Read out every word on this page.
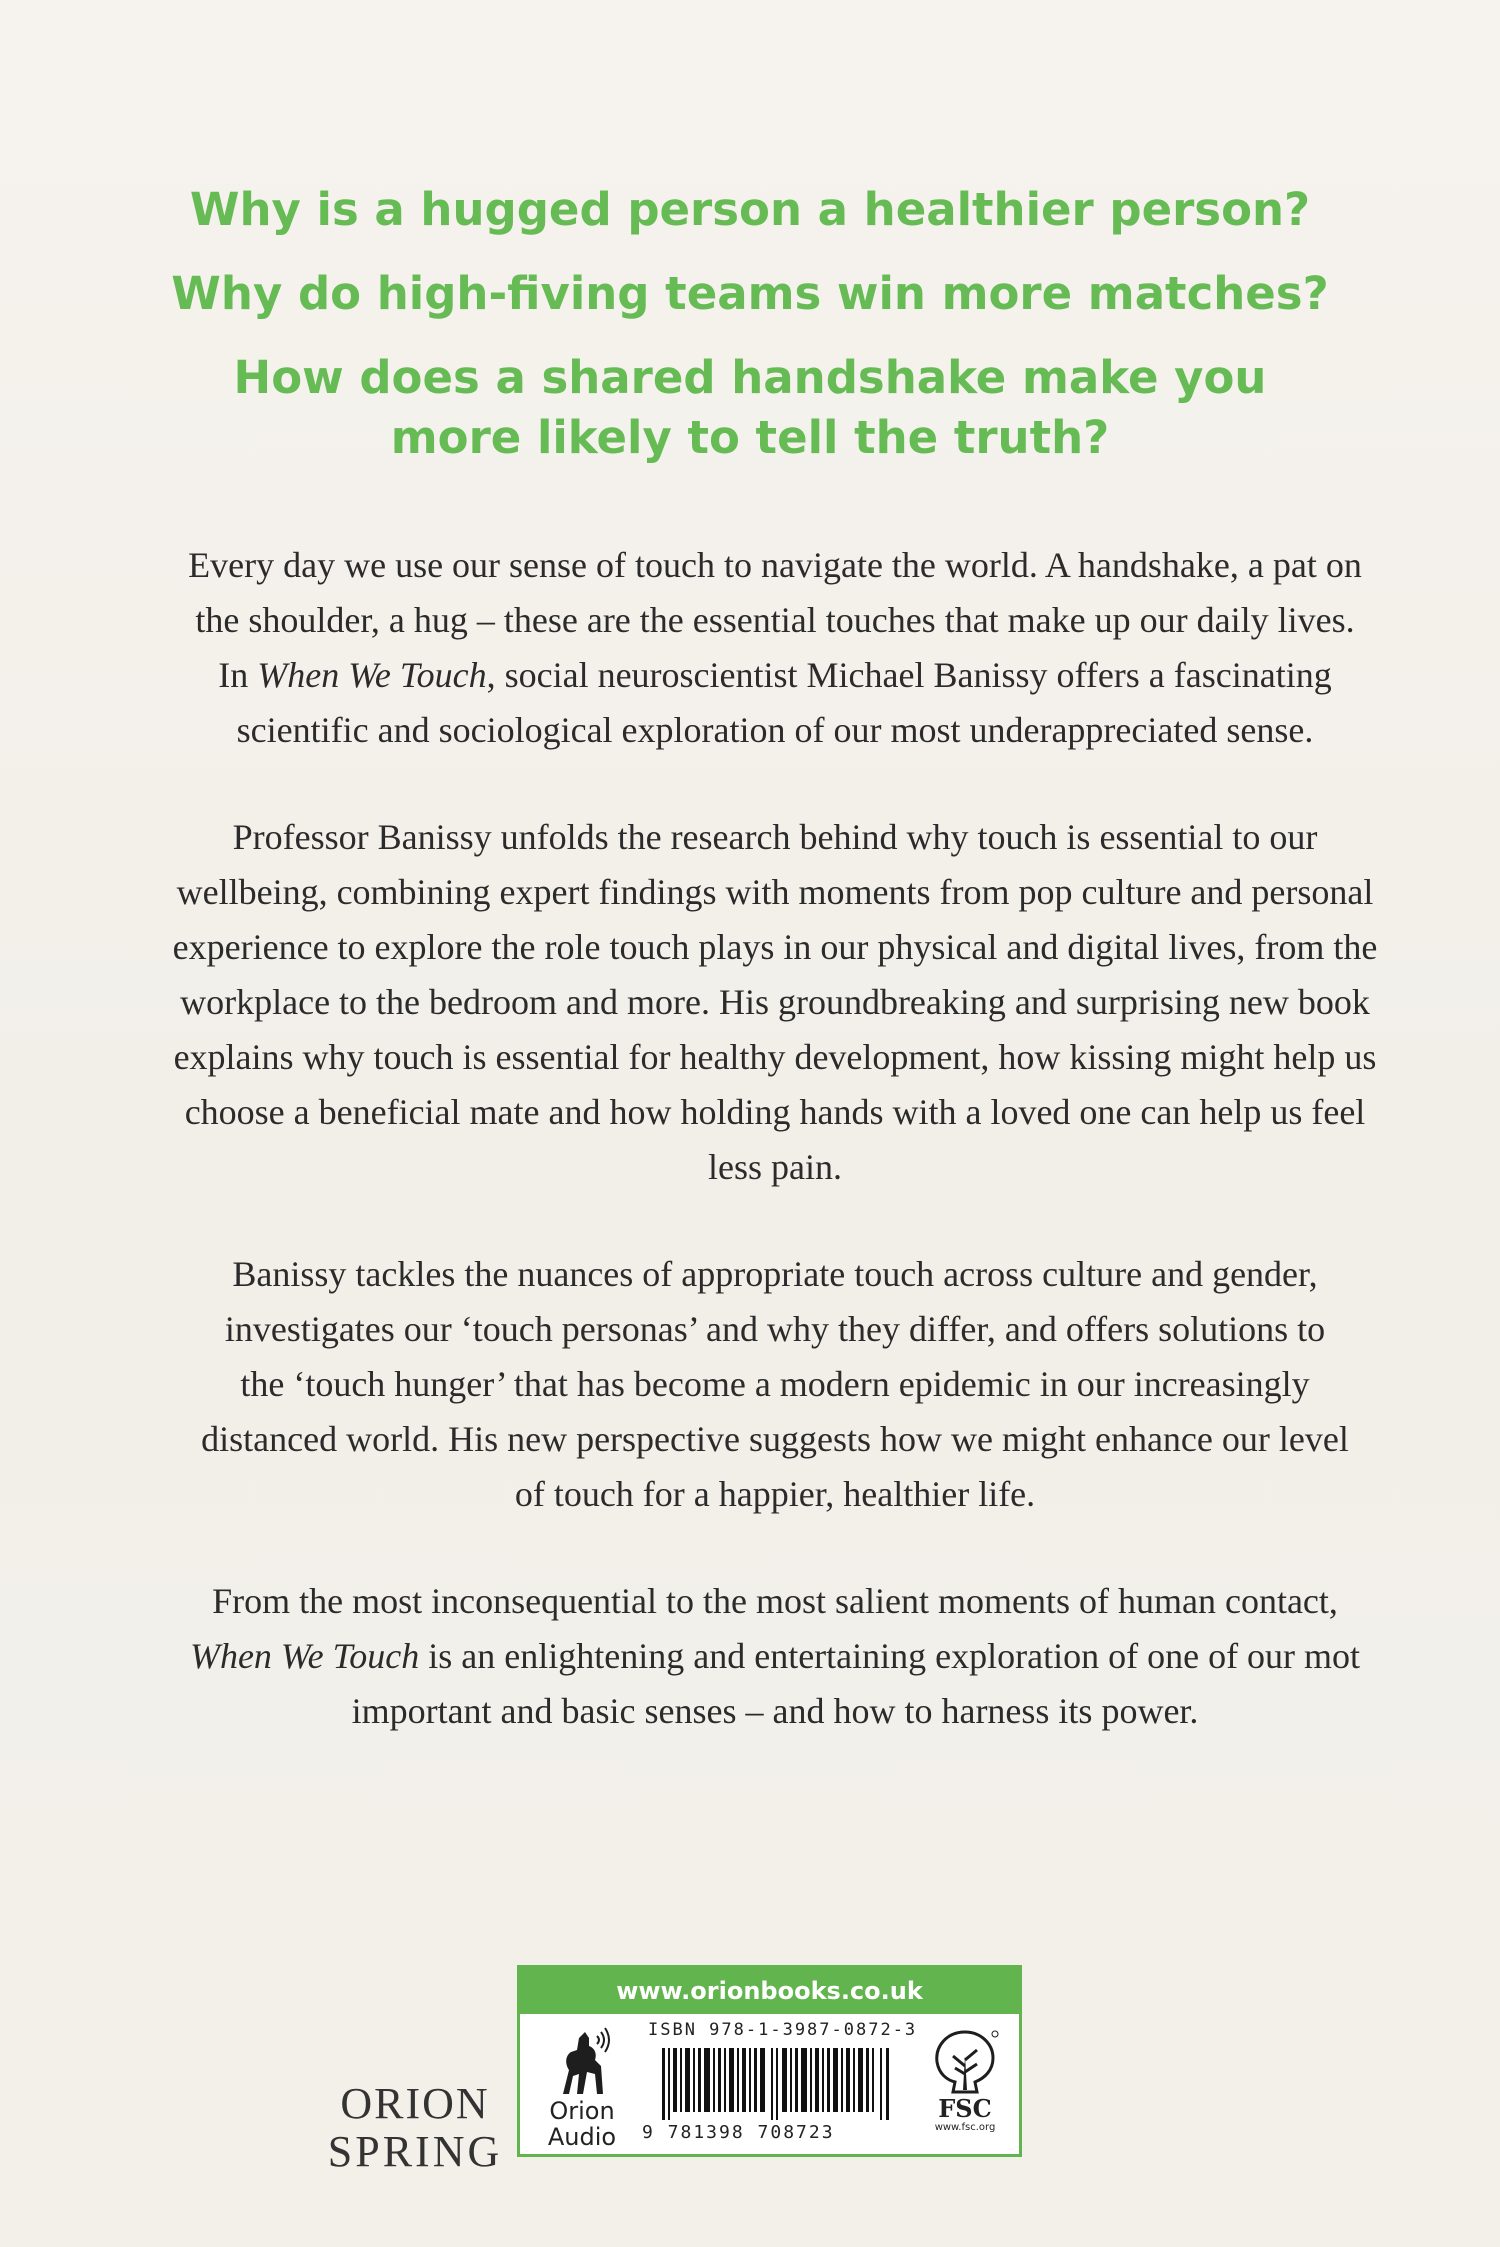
Why is a hugged person a healthier person?
Why do high-fiving teams win more matches?
How does a shared handshake make you more likely to tell the truth?

Every day we use our sense of touch to navigate the world. A handshake, a pat on the shoulder, a hug – these are the essential touches that make up our daily lives. In When We Touch, social neuroscientist Michael Banissy offers a fascinating scientific and sociological exploration of our most underappreciated sense.

Professor Banissy unfolds the research behind why touch is essential to our wellbeing, combining expert findings with moments from pop culture and personal experience to explore the role touch plays in our physical and digital lives, from the workplace to the bedroom and more. His groundbreaking and surprising new book explains why touch is essential for healthy development, how kissing might help us choose a beneficial mate and how holding hands with a loved one can help us feel less pain.

Banissy tackles the nuances of appropriate touch across culture and gender, investigates our ‘touch personas’ and why they differ, and offers solutions to the ‘touch hunger’ that has become a modern epidemic in our increasingly distanced world. His new perspective suggests how we might enhance our level of touch for a happier, healthier life.

From the most inconsequential to the most salient moments of human contact, When We Touch is an enlightening and entertaining exploration of one of our mot important and basic senses – and how to harness its power.

ORION
SPRING
www.orionbooks.co.uk
Orion
Audio
ISBN 978-1-3987-0872-3
9 781398 708723
FSC
www.fsc.org
